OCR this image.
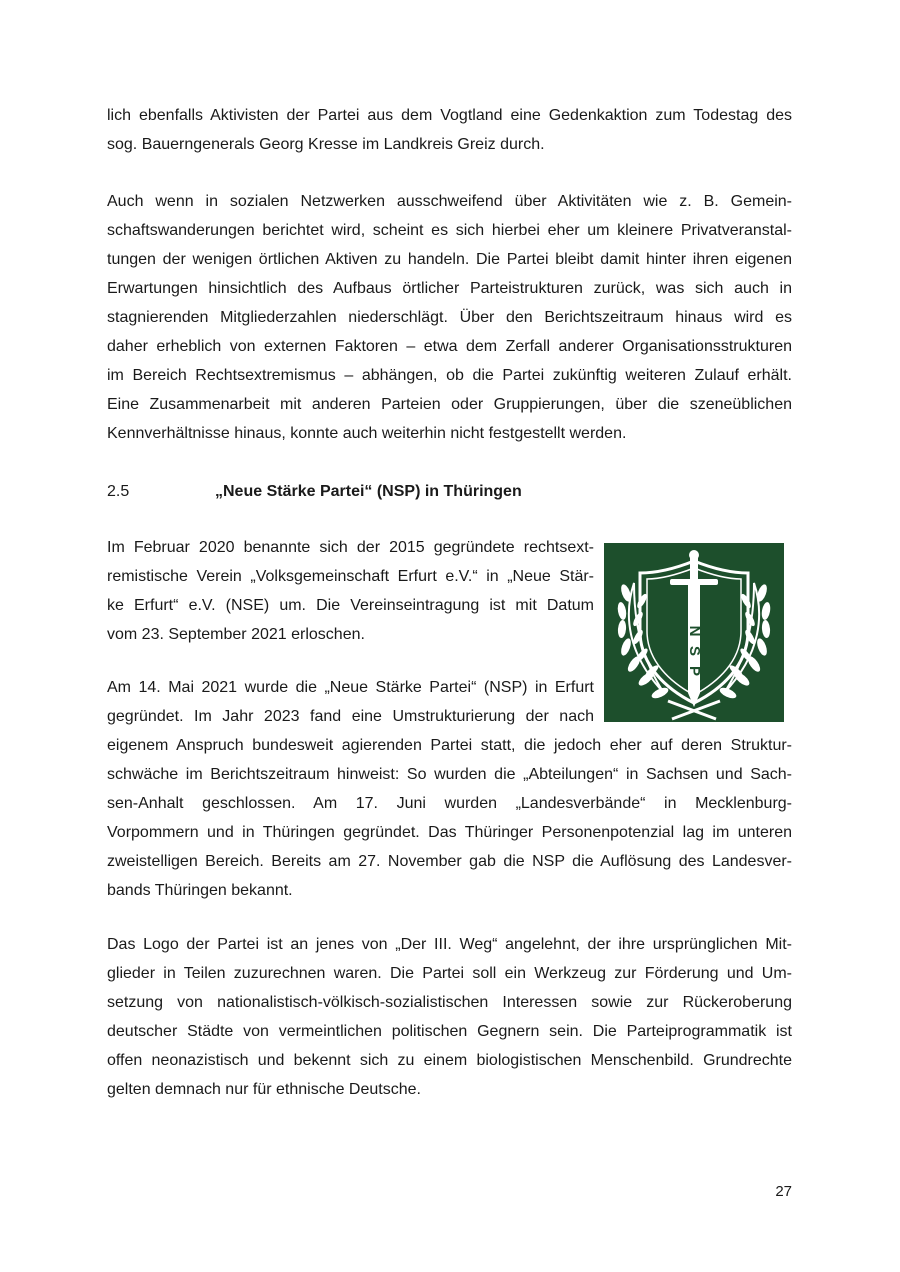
lich ebenfalls Aktivisten der Partei aus dem Vogtland eine Gedenkaktion zum Todestag des
sog. Bauerngenerals Georg Kresse im Landkreis Greiz durch.

Auch wenn in sozialen Netzwerken ausschweifend über Aktivitäten wie z. B. Gemein-
schaftswanderungen berichtet wird, scheint es sich hierbei eher um kleinere Privatveranstal-
tungen der wenigen örtlichen Aktiven zu handeln. Die Partei bleibt damit hinter ihren eigenen
Erwartungen hinsichtlich des Aufbaus örtlicher Parteistrukturen zurück, was sich auch in
stagnierenden Mitgliederzahlen niederschlägt. Über den Berichtszeitraum hinaus wird es
daher erheblich von externen Faktoren – etwa dem Zerfall anderer Organisationsstrukturen
im Bereich Rechtsextremismus – abhängen, ob die Partei zukünftig weiteren Zulauf erhält.
Eine Zusammenarbeit mit anderen Parteien oder Gruppierungen, über die szeneüblichen
Kennverhältnisse hinaus, konnte auch weiterhin nicht festgestellt werden.

2.5	„Neue Stärke Partei“ (NSP) in Thüringen

Im Februar 2020 benannte sich der 2015 gegründete rechtsext-
remistische Verein „Volksgemeinschaft Erfurt e.V.“ in „Neue Stär-
ke Erfurt“ e.V. (NSE) um. Die Vereinseintragung ist mit Datum
vom 23. September 2021 erloschen.

Am 14. Mai 2021 wurde die „Neue Stärke Partei“ (NSP) in Erfurt
gegründet. Im Jahr 2023 fand eine Umstrukturierung der nach
eigenem Anspruch bundesweit agierenden Partei statt, die jedoch eher auf deren Struktur-
schwäche im Berichtszeitraum hinweist: So wurden die „Abteilungen“ in Sachsen und Sach-
sen-Anhalt geschlossen. Am 17. Juni wurden „Landesverbände“ in Mecklenburg-
Vorpommern und in Thüringen gegründet. Das Thüringer Personenpotenzial lag im unteren
zweistelligen Bereich. Bereits am 27. November gab die NSP die Auflösung des Landesver-
bands Thüringen bekannt.

Das Logo der Partei ist an jenes von „Der III. Weg“ angelehnt, der ihre ursprünglichen Mit-
glieder in Teilen zuzurechnen waren. Die Partei soll ein Werkzeug zur Förderung und Um-
setzung von nationalistisch-völkisch-sozialistischen Interessen sowie zur Rückeroberung
deutscher Städte von vermeintlichen politischen Gegnern sein. Die Parteiprogrammatik ist
offen neonazistisch und bekennt sich zu einem biologistischen Menschenbild. Grundrechte
gelten demnach nur für ethnische Deutsche.

N
S
P
27
